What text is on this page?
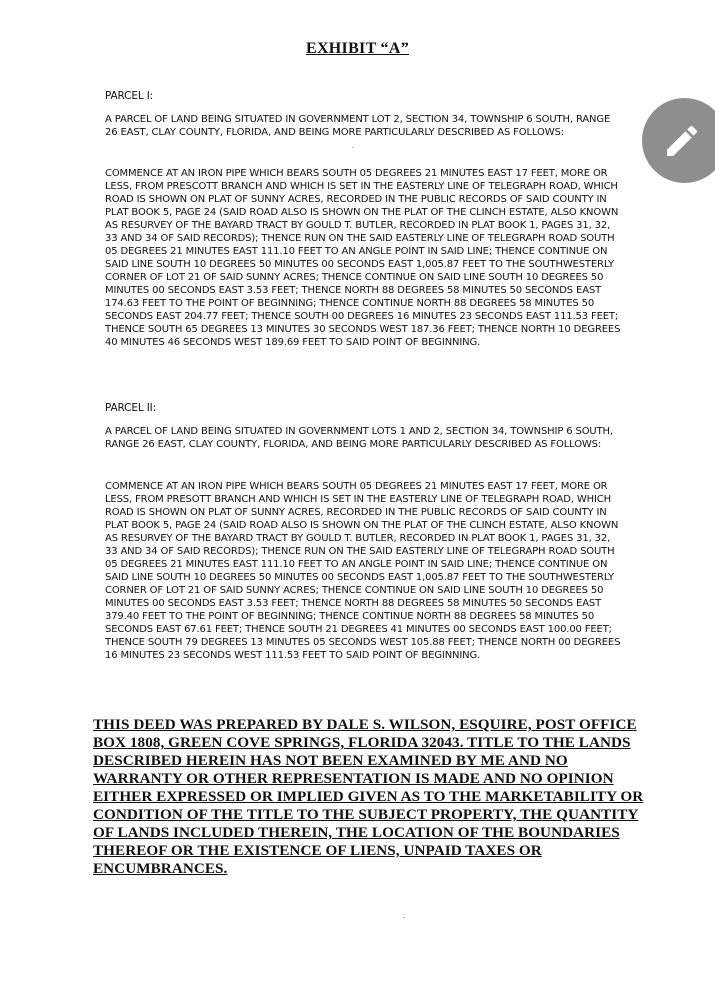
EXHIBIT “A”
PARCEL I:
A PARCEL OF LAND BEING SITUATED IN GOVERNMENT LOT 2, SECTION 34, TOWNSHIP 6 SOUTH, RANGE 26 EAST, CLAY COUNTY, FLORIDA, AND BEING MORE PARTICULARLY DESCRIBED AS FOLLOWS:
COMMENCE AT AN IRON PIPE WHICH BEARS SOUTH 05 DEGREES 21 MINUTES EAST 17 FEET, MORE OR LESS, FROM PRESCOTT BRANCH AND WHICH IS SET IN THE EASTERLY LINE OF TELEGRAPH ROAD, WHICH ROAD IS SHOWN ON PLAT OF SUNNY ACRES, RECORDED IN THE PUBLIC RECORDS OF SAID COUNTY IN PLAT BOOK 5, PAGE 24 (SAID ROAD ALSO IS SHOWN ON THE PLAT OF THE CLINCH ESTATE, ALSO KNOWN AS RESURVEY OF THE BAYARD TRACT BY GOULD T. BUTLER, RECORDED IN PLAT BOOK 1, PAGES 31, 32, 33 AND 34 OF SAID RECORDS); THENCE RUN ON THE SAID EASTERLY LINE OF TELEGRAPH ROAD SOUTH 05 DEGREES 21 MINUTES EAST 111.10 FEET TO AN ANGLE POINT IN SAID LINE; THENCE CONTINUE ON SAID LINE SOUTH 10 DEGREES 50 MINUTES 00 SECONDS EAST 1,005.87 FEET TO THE SOUTHWESTERLY CORNER OF LOT 21 OF SAID SUNNY ACRES; THENCE CONTINUE ON SAID LINE SOUTH 10 DEGREES 50 MINUTES 00 SECONDS EAST 3.53 FEET; THENCE NORTH 88 DEGREES 58 MINUTES 50 SECONDS EAST 174.63 FEET TO THE POINT OF BEGINNING; THENCE CONTINUE NORTH 88 DEGREES 58 MINUTES 50 SECONDS EAST 204.77 FEET; THENCE SOUTH 00 DEGREES 16 MINUTES 23 SECONDS EAST 111.53 FEET; THENCE SOUTH 65 DEGREES 13 MINUTES 30 SECONDS WEST 187.36 FEET; THENCE NORTH 10 DEGREES 40 MINUTES 46 SECONDS WEST 189.69 FEET TO SAID POINT OF BEGINNING.
PARCEL II:
A PARCEL OF LAND BEING SITUATED IN GOVERNMENT LOTS 1 AND 2, SECTION 34, TOWNSHIP 6 SOUTH, RANGE 26 EAST, CLAY COUNTY, FLORIDA, AND BEING MORE PARTICULARLY DESCRIBED AS FOLLOWS:
COMMENCE AT AN IRON PIPE WHICH BEARS SOUTH 05 DEGREES 21 MINUTES EAST 17 FEET, MORE OR LESS, FROM PRESOTT BRANCH AND WHICH IS SET IN THE EASTERLY LINE OF TELEGRAPH ROAD, WHICH ROAD IS SHOWN ON PLAT OF SUNNY ACRES, RECORDED IN THE PUBLIC RECORDS OF SAID COUNTY IN PLAT BOOK 5, PAGE 24 (SAID ROAD ALSO IS SHOWN ON THE PLAT OF THE CLINCH ESTATE, ALSO KNOWN AS RESURVEY OF THE BAYARD TRACT BY GOULD T. BUTLER, RECORDED IN PLAT BOOK 1, PAGES 31, 32, 33 AND 34 OF SAID RECORDS); THENCE RUN ON THE SAID EASTERLY LINE OF TELEGRAPH ROAD SOUTH 05 DEGREES 21 MINUTES EAST 111.10 FEET TO AN ANGLE POINT IN SAID LINE; THENCE CONTINUE ON SAID LINE SOUTH 10 DEGREES 50 MINUTES 00 SECONDS EAST 1,005.87 FEET TO THE SOUTHWESTERLY CORNER OF LOT 21 OF SAID SUNNY ACRES; THENCE CONTINUE ON SAID LINE SOUTH 10 DEGREES 50 MINUTES 00 SECONDS EAST 3.53 FEET; THENCE NORTH 88 DEGREES 58 MINUTES 50 SECONDS EAST 379.40 FEET TO THE POINT OF BEGINNING; THENCE CONTINUE NORTH 88 DEGREES 58 MINUTES 50 SECONDS EAST 67.61 FEET; THENCE SOUTH 21 DEGREES 41 MINUTES 00 SECONDS EAST 100.00 FEET; THENCE SOUTH 79 DEGREES 13 MINUTES 05 SECONDS WEST 105.88 FEET; THENCE NORTH 00 DEGREES 16 MINUTES 23 SECONDS WEST 111.53 FEET TO SAID POINT OF BEGINNING.
THIS DEED WAS PREPARED BY DALE S. WILSON, ESQUIRE, POST OFFICE BOX 1808, GREEN COVE SPRINGS, FLORIDA 32043. TITLE TO THE LANDS DESCRIBED HEREIN HAS NOT BEEN EXAMINED BY ME AND NO WARRANTY OR OTHER REPRESENTATION IS MADE AND NO OPINION EITHER EXPRESSED OR IMPLIED GIVEN AS TO THE MARKETABILITY OR CONDITION OF THE TITLE TO THE SUBJECT PROPERTY, THE QUANTITY OF LANDS INCLUDED THEREIN, THE LOCATION OF THE BOUNDARIES THEREOF OR THE EXISTENCE OF LIENS, UNPAID TAXES OR ENCUMBRANCES.
